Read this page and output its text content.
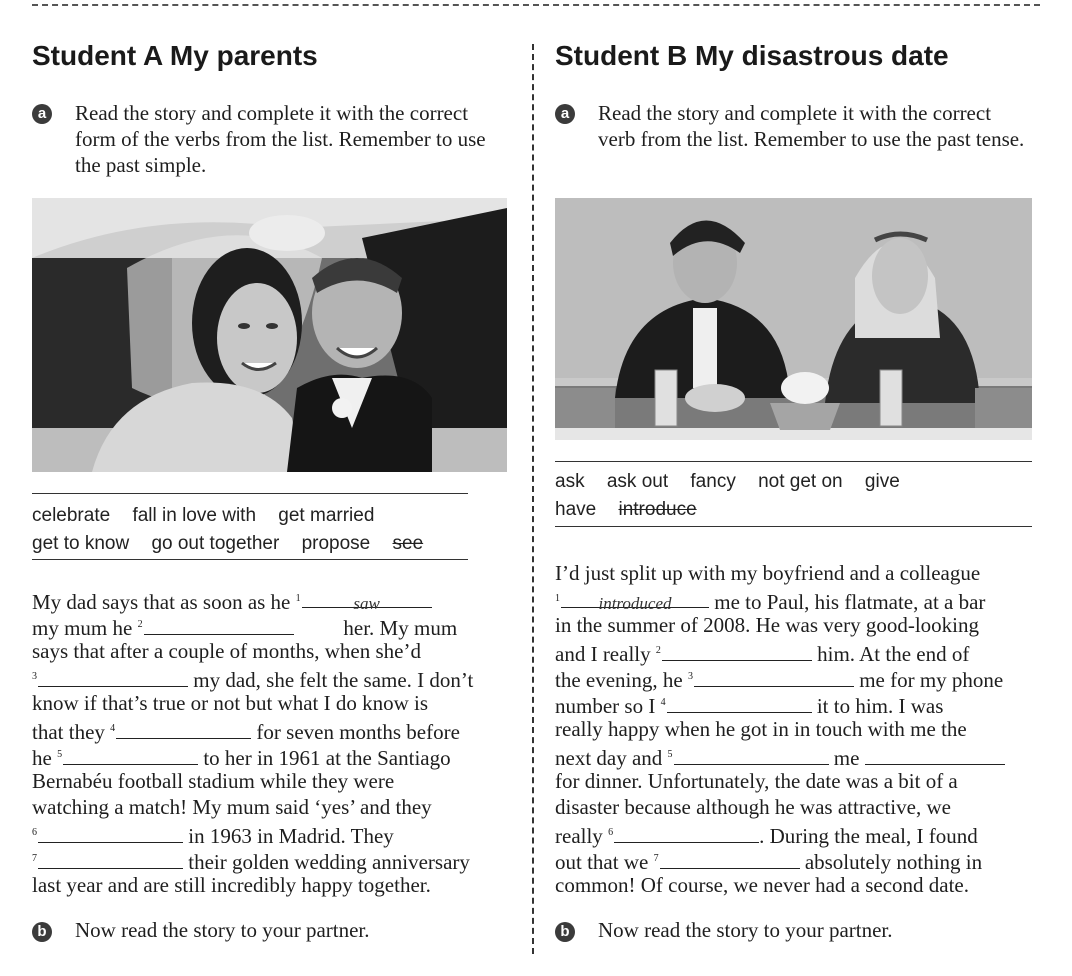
Student A My parents
a Read the story and complete it with the correct form of the verbs from the list. Remember to use the past simple.
celebrate fall in love with get married
get to know go out together propose see
My dad says that as soon as he $^1$	saw
my mum he $^2$	her. My mum
says that after a couple of months, when she’d
$^3$	my dad, she felt the same. I don’t
know if that’s true or not but what I do know is
that they $^4$	for seven months before
he $^5$	to her in 1961 at the Santiago
Bernabéu football stadium while they were
watching a match! My mum said ‘yes’ and they
$^6$	in 1963 in Madrid. They
$^7$	their golden wedding anniversary
last year and are still incredibly happy together.
b Now read the story to your partner.
Student B My disastrous date
a Read the story and complete it with the correct verb from the list. Remember to use the past tense.
ask ask out fancy not get on give
have introduce
I’d just split up with my boyfriend and a colleague
$^1$ introduced me to Paul, his flatmate, at a bar
in the summer of 2008. He was very good-looking
and I really $^2$	him. At the end of
the evening, he $^3$	me for my phone
number so I $^4$	it to him. I was
really happy when he got in in touch with me the
next day and $^5$	me
for dinner. Unfortunately, the date was a bit of a
disaster because although he was attractive, we
really $^6$	. During the meal, I found
out that we $^7$	absolutely nothing in
common! Of course, we never had a second date.
b Now read the story to your partner.
